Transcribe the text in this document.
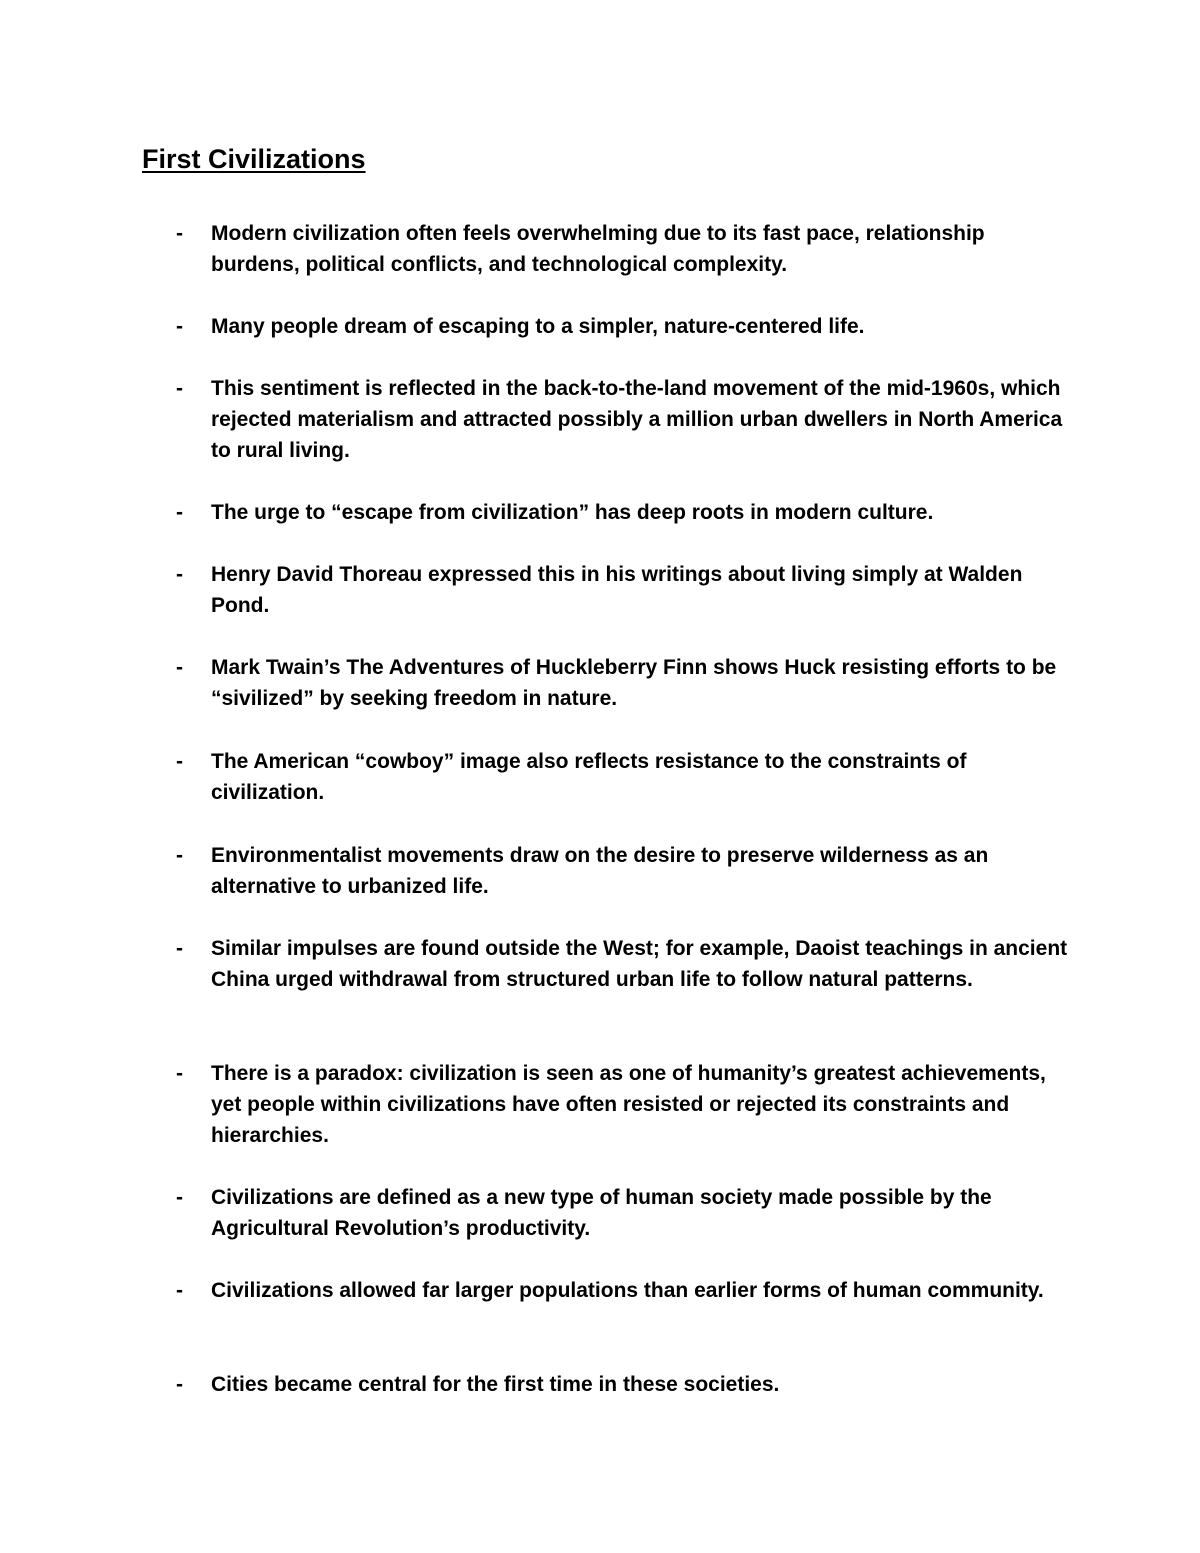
First Civilizations
- Modern civilization often feels overwhelming due to its fast pace, relationship burdens, political conflicts, and technological complexity.
- Many people dream of escaping to a simpler, nature-centered life.
- This sentiment is reflected in the back-to-the-land movement of the mid-1960s, which rejected materialism and attracted possibly a million urban dwellers in North America to rural living.
- The urge to “escape from civilization” has deep roots in modern culture.
- Henry David Thoreau expressed this in his writings about living simply at Walden Pond.
- Mark Twain’s The Adventures of Huckleberry Finn shows Huck resisting efforts to be “sivilized” by seeking freedom in nature.
- The American “cowboy” image also reflects resistance to the constraints of civilization.
- Environmentalist movements draw on the desire to preserve wilderness as an alternative to urbanized life.
- Similar impulses are found outside the West; for example, Daoist teachings in ancient China urged withdrawal from structured urban life to follow natural patterns.
- There is a paradox: civilization is seen as one of humanity’s greatest achievements, yet people within civilizations have often resisted or rejected its constraints and hierarchies.
- Civilizations are defined as a new type of human society made possible by the Agricultural Revolution’s productivity.
- Civilizations allowed far larger populations than earlier forms of human community.
- Cities became central for the first time in these societies.
